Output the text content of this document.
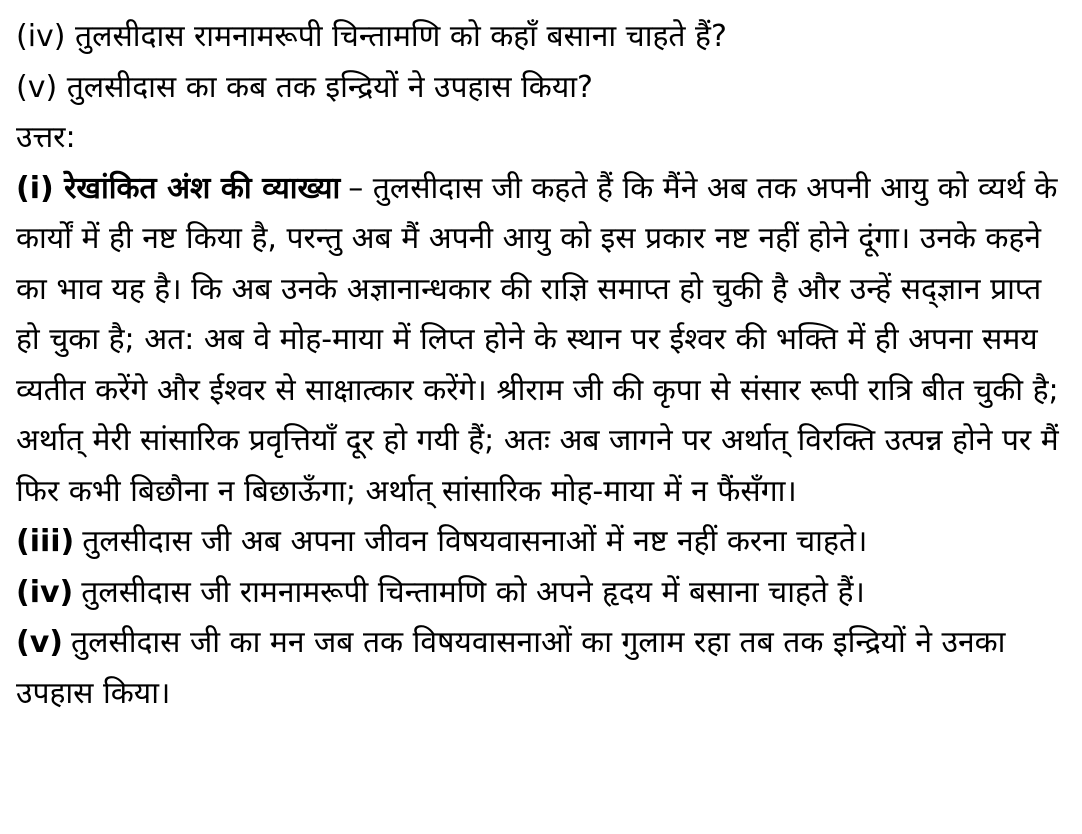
(iv) तुलसीदास रामनामरूपी चिन्तामणि को कहाँ बसाना चाहते हैं?

(v) तुलसीदास का कब तक इन्द्रियों ने उपहास किया?

उत्तर:

(i) रेखांकित अंश की व्याख्या – तुलसीदास जी कहते हैं कि मैंने अब तक अपनी आयु को व्यर्थ के कार्यों में ही नष्ट किया है, परन्तु अब मैं अपनी आयु को इस प्रकार नष्ट नहीं होने दूंगा। उनके कहने का भाव यह है। कि अब उनके अज्ञानान्धकार की राज्ञि समाप्त हो चुकी है और उन्हें सद्ज्ञान प्राप्त हो चुका है; अत: अब वे मोह-माया में लिप्त होने के स्थान पर ईश्वर की भक्ति में ही अपना समय व्यतीत करेंगे और ईश्वर से साक्षात्कार करेंगे। श्रीराम जी की कृपा से संसार रूपी रात्रि बीत चुकी है; अर्थात् मेरी सांसारिक प्रवृत्तियाँ दूर हो गयी हैं; अतः अब जागने पर अर्थात् विरक्ति उत्पन्न होने पर मैं फिर कभी बिछौना न बिछाऊँगा; अर्थात् सांसारिक मोह-माया में न फैंसँगा।

(iii) तुलसीदास जी अब अपना जीवन विषयवासनाओं में नष्ट नहीं करना चाहते।

(iv) तुलसीदास जी रामनामरूपी चिन्तामणि को अपने हृदय में बसाना चाहते हैं।

(v) तुलसीदास जी का मन जब तक विषयवासनाओं का गुलाम रहा तब तक इन्द्रियों ने उनका उपहास किया।
